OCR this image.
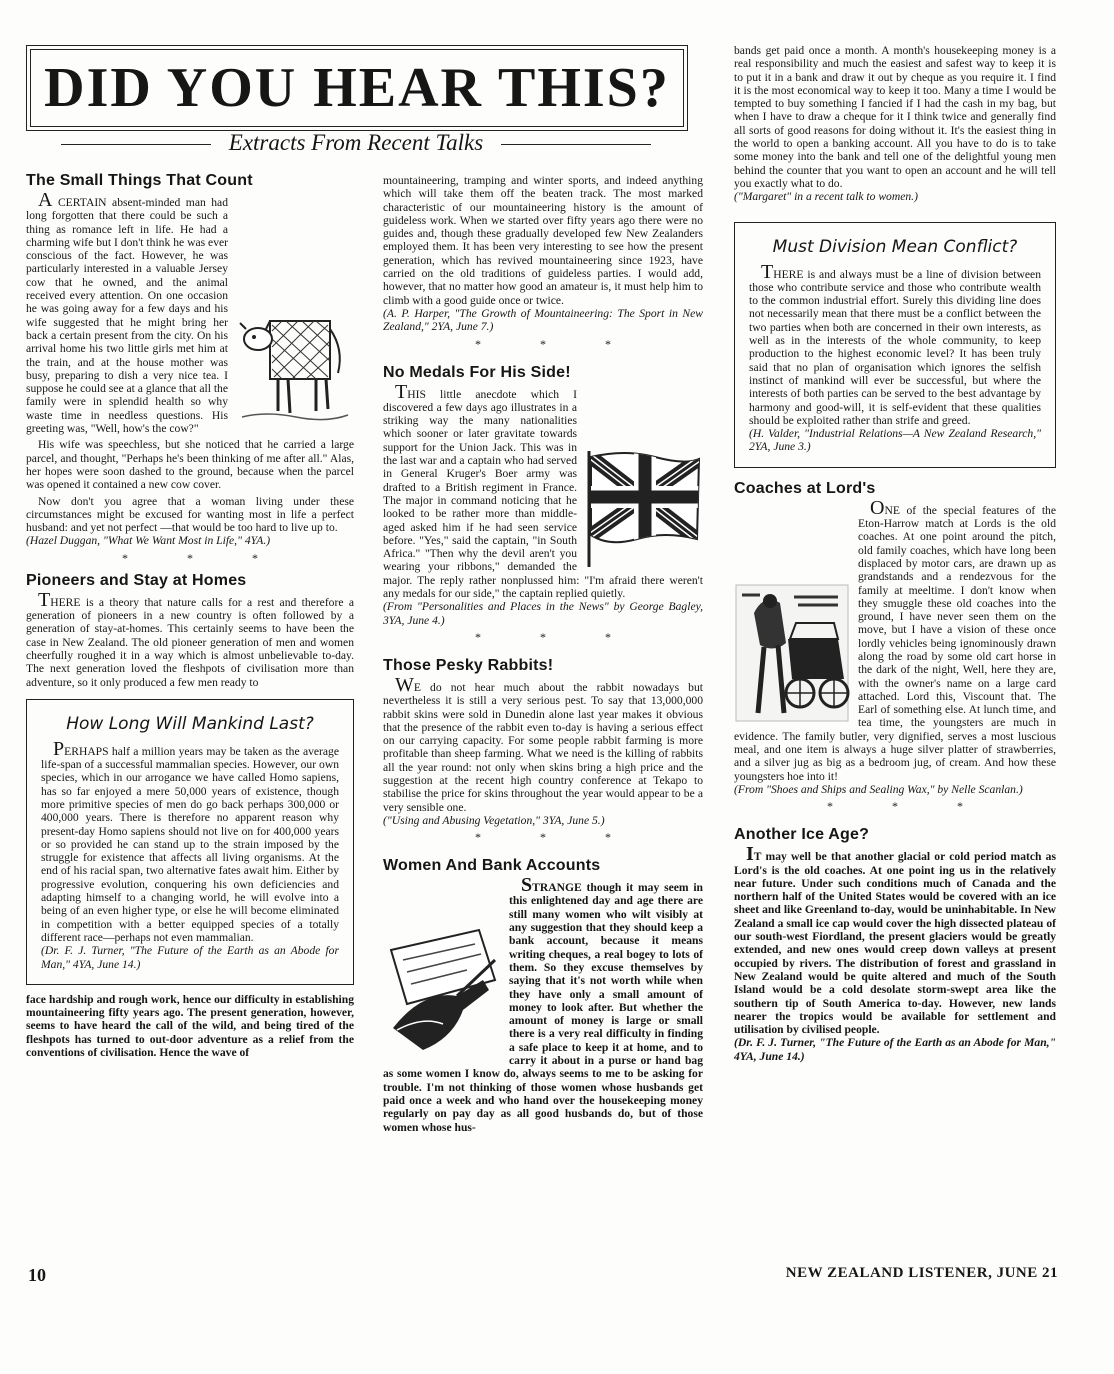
DID YOU HEAR THIS?
Extracts From Recent Talks
The Small Things That Count

A CERTAIN absent-minded man had long forgotten that there could be such a thing as romance left in life. He had a charming wife but I don't think he was ever conscious of the fact. However, he was particularly interested in a valuable Jersey cow that he owned, and the animal received every attention. On one occasion he was going away for a few days and his wife suggested that he might bring her back a certain present from the city. On his arrival home his two little girls met him at the train, and at the house mother was busy, preparing to dish a very nice tea. I suppose he could see at a glance that all the family were in splendid health so why waste time in needless questions. His greeting was, "Well, how's the cow?"

His wife was speechless, but she noticed that he carried a large parcel, and thought, "Perhaps he's been thinking of me after all." Alas, her hopes were soon dashed to the ground, because when the parcel was opened it contained a new cow cover.

Now don't you agree that a woman living under these circumstances might be excused for wanting most in life a perfect husband: and yet not perfect —that would be too hard to live up to.

(Hazel Duggan, "What We Want Most in Life," 4YA.)

* * *
Pioneers and Stay at Homes

THERE is a theory that nature calls for a rest and therefore a generation of pioneers in a new country is often followed by a generation of stay-at-homes. This certainly seems to have been the case in New Zealand. The old pioneer generation of men and women cheerfully roughed it in a way which is almost unbelievable to-day. The next generation loved the fleshpots of civilisation more than adventure, so it only produced a few men ready to

How Long Will Mankind Last?

PERHAPS half a million years may be taken as the average life-span of a successful mammalian species. However, our own species, which in our arrogance we have called Homo sapiens, has so far enjoyed a mere 50,000 years of existence, though more primitive species of men do go back perhaps 300,000 or 400,000 years. There is therefore no apparent reason why present-day Homo sapiens should not live on for 400,000 years or so provided he can stand up to the strain imposed by the struggle for existence that affects all living organisms. At the end of his racial span, two alternative fates await him. Either by progressive evolution, conquering his own deficiencies and adapting himself to a changing world, he will evolve into a being of an even higher type, or else he will become eliminated in competition with a better equipped species of a totally different race—perhaps not even mammalian.

(Dr. F. J. Turner, "The Future of the Earth as an Abode for Man," 4YA, June 14.)

face hardship and rough work, hence our difficulty in establishing mountaineering fifty years ago. The present generation, however, seems to have heard the call of the wild, and being tired of the fleshpots has turned to out-door adventure as a relief from the conventions of civilisation. Hence the wave of

mountaineering, tramping and winter sports, and indeed anything which will take them off the beaten track. The most marked characteristic of our mountaineering history is the amount of guideless work. When we started over fifty years ago there were no guides and, though these gradually developed few New Zealanders employed them. It has been very interesting to see how the present generation, which has revived mountaineering since 1923, have carried on the old traditions of guideless parties. I would add, however, that no matter how good an amateur is, it must help him to climb with a good guide once or twice.

(A. P. Harper, "The Growth of Mountaineering: The Sport in New Zealand," 2YA, June 7.)

* * *
No Medals For His Side!

THIS little anecdote which I discovered a few days ago illustrates in a striking way the many nationalities which sooner or later gravitate towards support for the Union Jack. This was in the last war and a captain who had served in General Kruger's Boer army was drafted to a British regiment in France. The major in command noticing that he looked to be rather more than middle-aged asked him if he had seen service before. "Yes," said the captain, "in South Africa." "Then why the devil aren't you wearing your ribbons," demanded the major. The reply rather nonplussed him: "I'm afraid there weren't any medals for our side," the captain replied quietly.

(From "Personalities and Places in the News" by George Bagley, 3YA, June 4.)

* * *
Those Pesky Rabbits!

WE do not hear much about the rabbit nowadays but nevertheless it is still a very serious pest. To say that 13,000,000 rabbit skins were sold in Dunedin alone last year makes it obvious that the presence of the rabbit even to-day is having a serious effect on our carrying capacity. For some people rabbit farming is more profitable than sheep farming. What we need is the killing of rabbits all the year round: not only when skins bring a high price and the suggestion at the recent high country conference at Tekapo to stabilise the price for skins throughout the year would appear to be a very sensible one.

("Using and Abusing Vegetation," 3YA, June 5.)

* * *
Women And Bank Accounts

STRANGE though it may seem in this enlightened day and age there are still many women who wilt visibly at any suggestion that they should keep a bank account, because it means writing cheques, a real bogey to lots of them. So they excuse themselves by saying that it's not worth while when they have only a small amount of money to look after. But whether the amount of money is large or small there is a very real difficulty in finding a safe place to keep it at home, and to carry it about in a purse or hand bag as some women I know do, always seems to me to be asking for trouble. I'm not thinking of those women whose husbands get paid once a week and who hand over the housekeeping money regularly on pay day as all good husbands do, but of those women whose hus-

bands get paid once a month. A month's housekeeping money is a real responsibility and much the easiest and safest way to keep it is to put it in a bank and draw it out by cheque as you require it. I find it is the most economical way to keep it too. Many a time I would be tempted to buy something I fancied if I had the cash in my bag, but when I have to draw a cheque for it I think twice and generally find all sorts of good reasons for doing without it. It's the easiest thing in the world to open a banking account. All you have to do is to take some money into the bank and tell one of the delightful young men behind the counter that you want to open an account and he will tell you exactly what to do.

("Margaret" in a recent talk to women.)

Must Division Mean Conflict?

THERE is and always must be a line of division between those who contribute service and those who contribute wealth to the common industrial effort. Surely this dividing line does not necessarily mean that there must be a conflict between the two parties when both are concerned in their own interests, as well as in the interests of the whole community, to keep production to the highest economic level? It has been truly said that no plan of organisation which ignores the selfish instinct of mankind will ever be successful, but where the interests of both parties can be served to the best advantage by harmony and good-will, it is self-evident that these qualities should be exploited rather than strife and greed.

(H. Valder, "Industrial Relations—A New Zealand Research," 2YA, June 3.)

Coaches at Lord's

ONE of the special features of the Eton-Harrow match at Lords is the old coaches. At one point around the pitch, old family coaches, which have long been displaced by motor cars, are drawn up as grandstands and a rendezvous for the family at meeltime. I don't know when they smuggle these old coaches into the ground, I have never seen them on the move, but I have a vision of these once lordly vehicles being ignominously drawn along the road by some old cart horse in the dark of the night, Well, here they are, with the owner's name on a large card attached. Lord this, Viscount that. The Earl of something else. At lunch time, and tea time, the youngsters are much in evidence. The family butler, very dignified, serves a most luscious meal, and one item is always a huge silver platter of strawberries, and a silver jug as big as a bedroom jug, of cream. And how these youngsters hoe into it!

(From "Shoes and Ships and Sealing Wax," by Nelle Scanlan.)

* * *
Another Ice Age?

IT may well be that another glacial or cold period match as Lord's is the old coaches. At one point ing us in the relatively near future. Under such conditions much of Canada and the northern half of the United States would be covered with an ice sheet and like Greenland to-day, would be uninhabitable. In New Zealand a small ice cap would cover the high dissected plateau of our south-west Fiordland, the present glaciers would be greatly extended, and new ones would creep down valleys at present occupied by rivers. The distribution of forest and grassland in New Zealand would be quite altered and much of the South Island would be a cold desolate storm-swept area like the southern tip of South America to-day. However, new lands nearer the tropics would be available for settlement and utilisation by civilised people.

(Dr. F. J. Turner, "The Future of the Earth as an Abode for Man," 4YA, June 14.)

10	NEW ZEALAND LISTENER, JUNE 21
